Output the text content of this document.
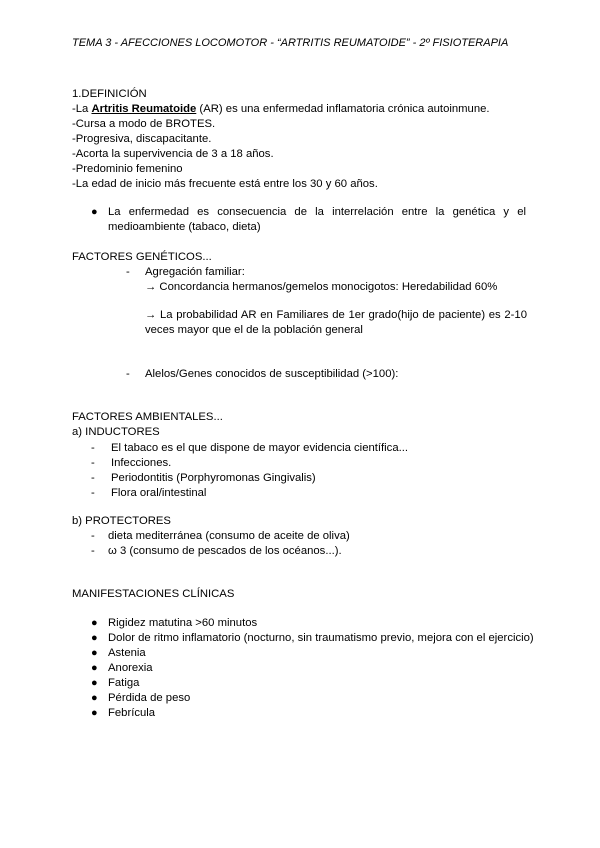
TEMA 3 - AFECCIONES LOCOMOTOR - “ARTRITIS REUMATOIDE” - 2º FISIOTERAPIA
1.DEFINICIÓN
-La Artritis Reumatoide (AR) es una enfermedad inflamatoria crónica autoinmune.
-Cursa a modo de BROTES.
-Progresiva, discapacitante.
-Acorta la supervivencia de 3 a 18 años.
-Predominio femenino
-La edad de inicio más frecuente está entre los 30 y 60 años.
● La enfermedad es consecuencia de la interrelación entre la genética y el medioambiente (tabaco, dieta)
FACTORES GENÉTICOS...
- Agregación familiar:
→ Concordancia hermanos/gemelos monocigotos: Heredabilidad 60%
→ La probabilidad AR en Familiares de 1er grado(hijo de paciente) es 2-10 veces mayor que el de la población general
- Alelos/Genes conocidos de susceptibilidad (>100):
FACTORES AMBIENTALES...
a) INDUCTORES
- El tabaco es el que dispone de mayor evidencia científica...
- Infecciones.
- Periodontitis (Porphyromonas Gingivalis)
- Flora oral/intestinal
b) PROTECTORES
- dieta mediterránea (consumo de aceite de oliva)
- ω 3 (consumo de pescados de los océanos...).
MANIFESTACIONES CLÍNICAS
● Rigidez matutina >60 minutos
● Dolor de ritmo inflamatorio (nocturno, sin traumatismo previo, mejora con el ejercicio)
● Astenia
● Anorexia
● Fatiga
● Pérdida de peso
● Febrícula
